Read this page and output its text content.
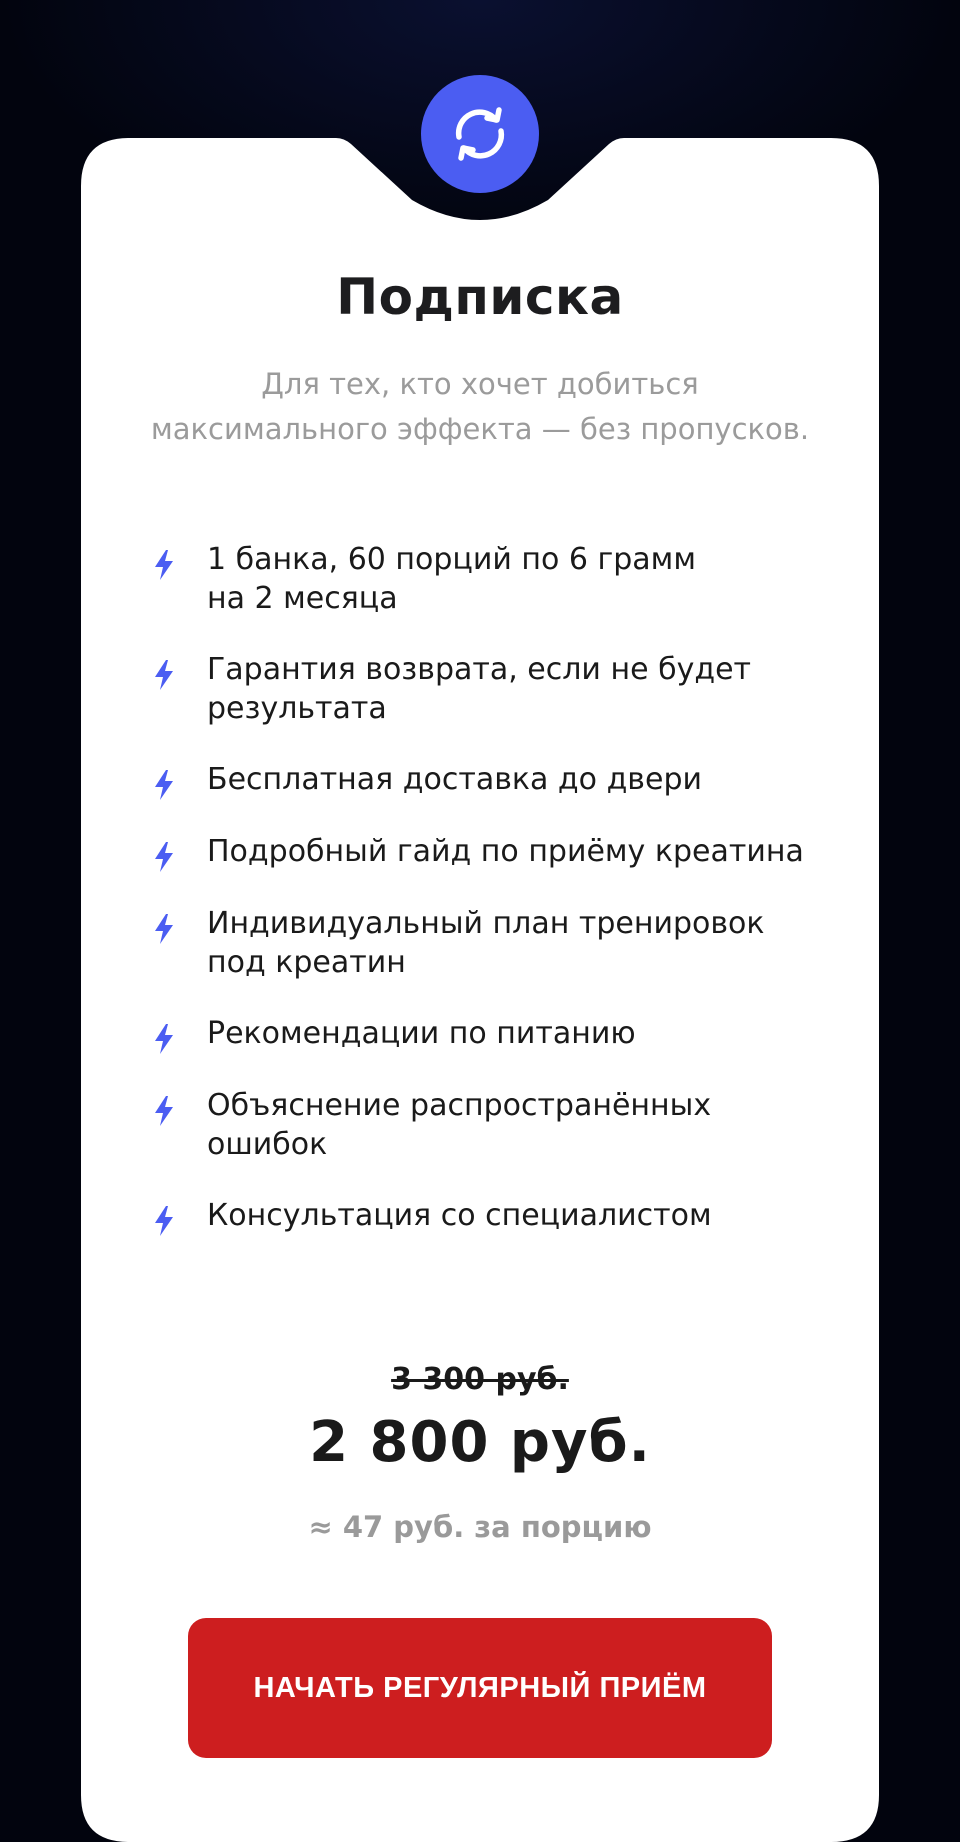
Подписка

Для тех, кто хочет добиться
максимального эффекта — без пропусков.

1 банка, 60 порций по 6 грамм
на 2 месяца
Гарантия возврата, если не будет
результата
Бесплатная доставка до двери
Подробный гайд по приёму креатина
Индивидуальный план тренировок
под креатин
Рекомендации по питанию
Объяснение распространённых
ошибок
Консультация со специалистом
3 300 руб.
2 800 руб.
≈ 47 руб. за порцию
НАЧАТЬ РЕГУЛЯРНЫЙ ПРИЁМ
